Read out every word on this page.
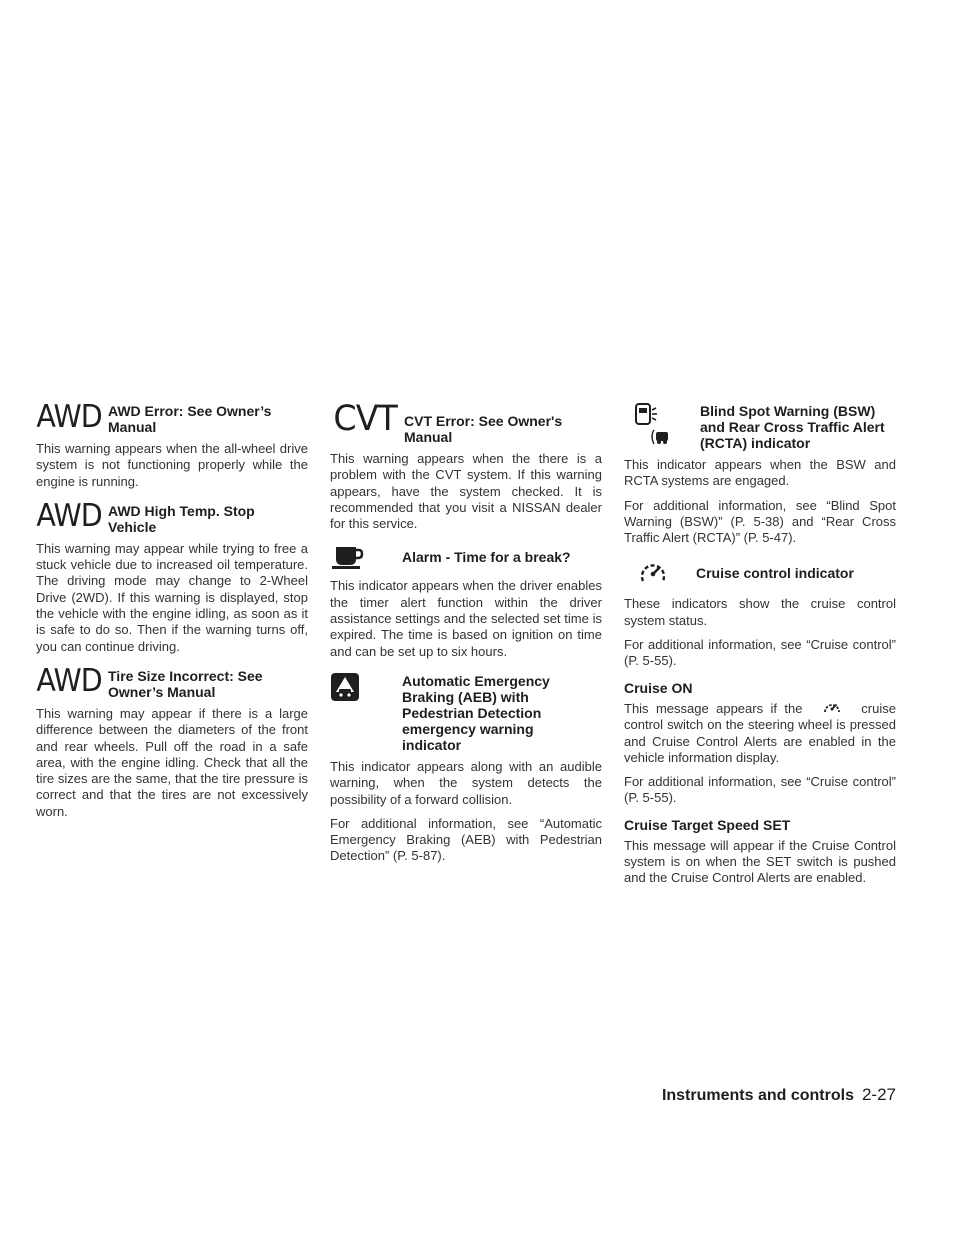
AWD AWD Error: See Owner’s Manual

This warning appears when the all-wheel drive system is not functioning properly while the engine is running.

AWD AWD High Temp. Stop Vehicle

This warning may appear while trying to free a stuck vehicle due to increased oil temperature. The driving mode may change to 2-Wheel Drive (2WD). If this warning is displayed, stop the vehicle with the engine idling, as soon as it is safe to do so. Then if the warning turns off, you can continue driving.

AWD Tire Size Incorrect: See Owner’s Manual

This warning may appear if there is a large difference between the diameters of the front and rear wheels. Pull off the road in a safe area, with the engine idling. Check that all the tire sizes are the same, that the tire pressure is correct and that the tires are not excessively worn.

CVT CVT Error: See Owner's Manual

This warning appears when the there is a problem with the CVT system. If this warning appears, have the system checked. It is recommended that you visit a NISSAN dealer for this service.

Alarm - Time for a break?

This indicator appears when the driver enables the timer alert function within the driver assistance settings and the selected set time is expired. The time is based on ignition on time and can be set up to six hours.

Automatic Emergency Braking (AEB) with Pedestrian Detection emergency warning indicator

This indicator appears along with an audible warning, when the system detects the possibility of a forward collision.

For additional information, see “Automatic Emergency Braking (AEB) with Pedestrian Detection” (P. 5-87).

Blind Spot Warning (BSW) and Rear Cross Traffic Alert (RCTA) indicator

This indicator appears when the BSW and RCTA systems are engaged.

For additional information, see “Blind Spot Warning (BSW)” (P. 5-38) and “Rear Cross Traffic Alert (RCTA)” (P. 5-47).

Cruise control indicator

These indicators show the cruise control system status.

For additional information, see “Cruise control” (P. 5-55).

Cruise ON

This message appears if the	cruise control switch on the steering wheel is pressed and Cruise Control Alerts are enabled in the vehicle information display.

For additional information, see “Cruise control” (P. 5-55).

Cruise Target Speed SET

This message will appear if the Cruise Control system is on when the SET switch is pushed and the Cruise Control Alerts are enabled.

Instruments and controls 2-27
